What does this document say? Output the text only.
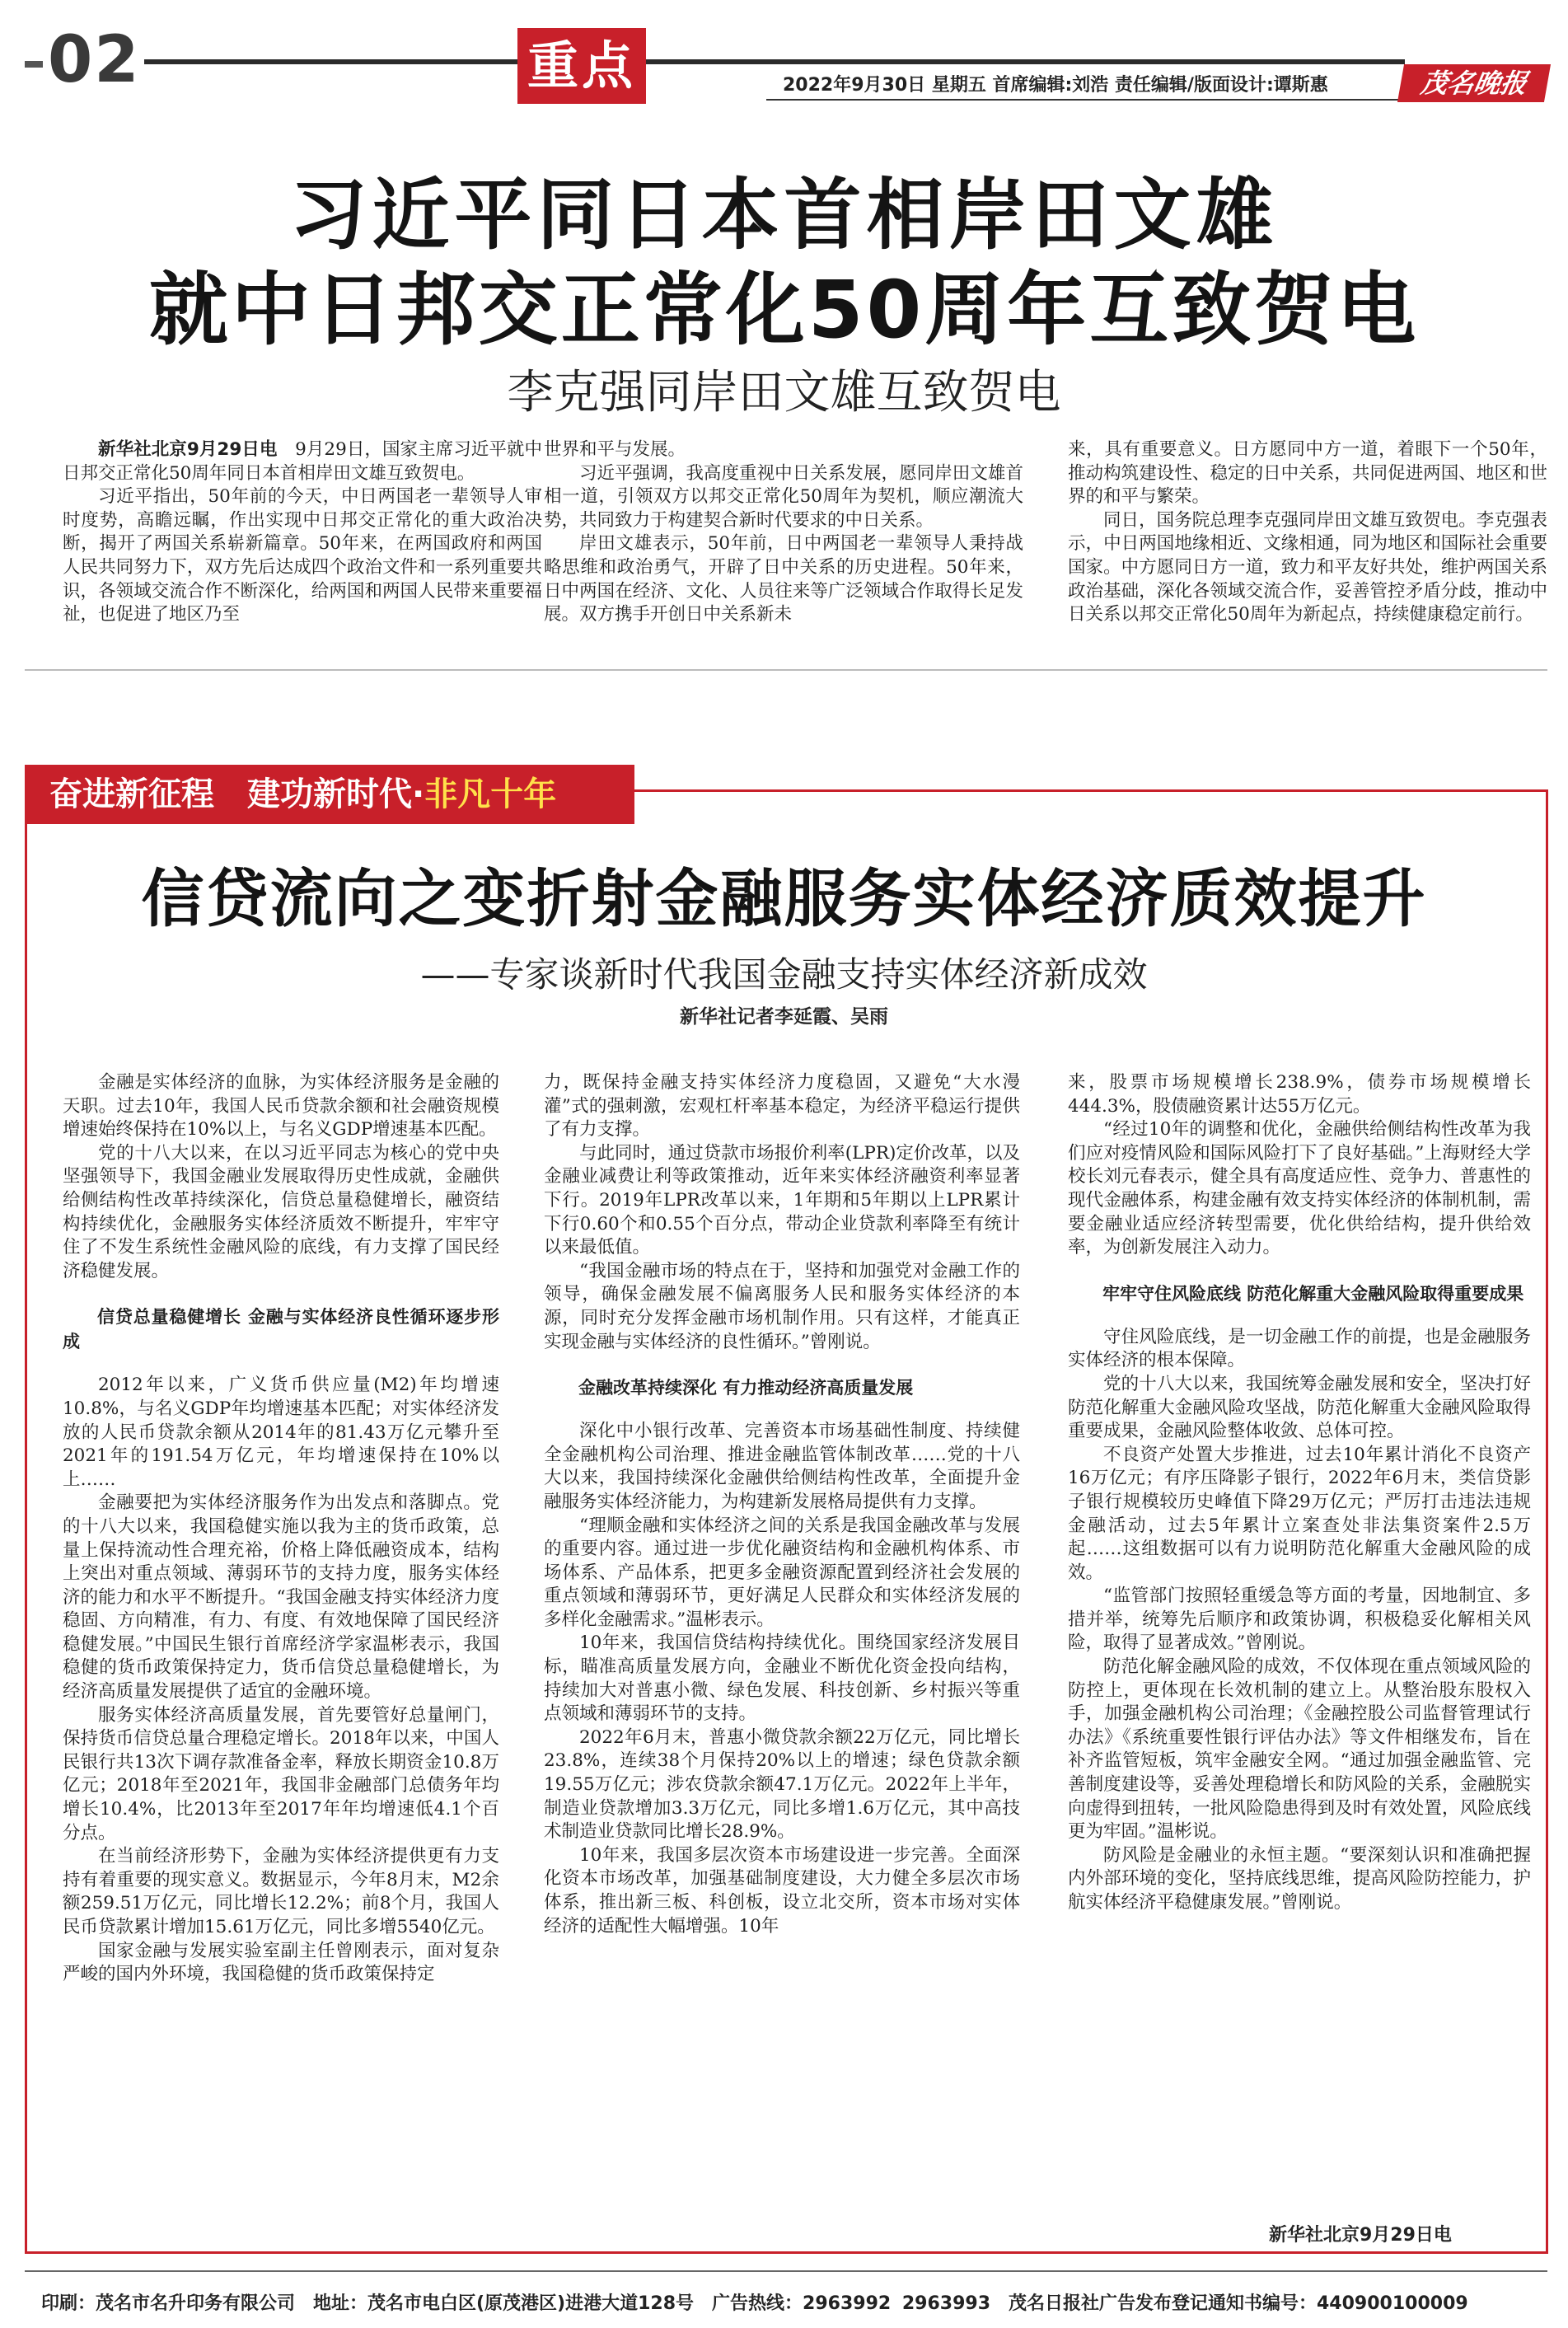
02	重点	2022年9月30日 星期五 首席编辑:刘浩 责任编辑/版面设计:谭斯惠	茂名晚报
习近平同日本首相岸田文雄
就中日邦交正常化50周年互致贺电
李克强同岸田文雄互致贺电

新华社北京9月29日电　 9月29日，国家主席习近平就中日邦交正常化50周年同日本首相岸田文雄互致贺电。

习近平指出，50年前的今天，中日两国老一辈领导人审时度势，高瞻远瞩，作出实现中日邦交正常化的重大政治决断，揭开了两国关系崭新篇章。50年来，在两国政府和两国人民共同努力下，双方先后达成四个政治文件和一系列重要共识，各领域交流合作不断深化，给两国和两国人民带来重要福祉，也促进了地区乃至

世界和平与发展。

习近平强调，我高度重视中日关系发展，愿同岸田文雄首相一道，引领双方以邦交正常化50周年为契机，顺应潮流大势，共同致力于构建契合新时代要求的中日关系。

岸田文雄表示，50年前，日中两国老一辈领导人秉持战略思维和政治勇气，开辟了日中关系的历史进程。50年来，日中两国在经济、文化、人员往来等广泛领域合作取得长足发展。双方携手开创日中关系新未

来，具有重要意义。日方愿同中方一道，着眼下一个50年，推动构筑建设性、稳定的日中关系，共同促进两国、地区和世界的和平与繁荣。

同日，国务院总理李克强同岸田文雄互致贺电。李克强表示，中日两国地缘相近、文缘相通，同为地区和国际社会重要国家。中方愿同日方一道，致力和平友好共处，维护两国关系政治基础，深化各领域交流合作，妥善管控矛盾分歧，推动中日关系以邦交正常化50周年为新起点，持续健康稳定前行。

奋进新征程　建功新时代·非凡十年
信贷流向之变折射金融服务实体经济质效提升
——专家谈新时代我国金融支持实体经济新成效
新华社记者李延霞、吴雨

金融是实体经济的血脉，为实体经济服务是金融的天职。过去10年，我国人民币贷款余额和社会融资规模增速始终保持在10%以上，与名义GDP增速基本匹配。

党的十八大以来，在以习近平同志为核心的党中央坚强领导下，我国金融业发展取得历史性成就，金融供给侧结构性改革持续深化，信贷总量稳健增长，融资结构持续优化，金融服务实体经济质效不断提升，牢牢守住了不发生系统性金融风险的底线，有力支撑了国民经济稳健发展。

信贷总量稳健增长 金融与实体经济良性循环逐步形成

2012年以来，广义货币供应量(M2)年均增速10.8%，与名义GDP年均增速基本匹配；对实体经济发放的人民币贷款余额从2014年的81.43万亿元攀升至2021年的191.54万亿元，年均增速保持在10%以上……

金融要把为实体经济服务作为出发点和落脚点。党的十八大以来，我国稳健实施以我为主的货币政策，总量上保持流动性合理充裕，价格上降低融资成本，结构上突出对重点领域、薄弱环节的支持力度，服务实体经济的能力和水平不断提升。“我国金融支持实体经济力度稳固、方向精准，有力、有度、有效地保障了国民经济稳健发展。”中国民生银行首席经济学家温彬表示，我国稳健的货币政策保持定力，货币信贷总量稳健增长，为经济高质量发展提供了适宜的金融环境。

服务实体经济高质量发展，首先要管好总量闸门，保持货币信贷总量合理稳定增长。2018年以来，中国人民银行共13次下调存款准备金率，释放长期资金10.8万亿元；2018年至2021年，我国非金融部门总债务年均增长10.4%，比2013年至2017年年均增速低4.1个百分点。

在当前经济形势下，金融为实体经济提供更有力支持有着重要的现实意义。数据显示，今年8月末，M2余额259.51万亿元，同比增长12.2%；前8个月，我国人民币贷款累计增加15.61万亿元，同比多增5540亿元。

国家金融与发展实验室副主任曾刚表示，面对复杂严峻的国内外环境，我国稳健的货币政策保持定

力，既保持金融支持实体经济力度稳固，又避免“大水漫灌”式的强刺激，宏观杠杆率基本稳定，为经济平稳运行提供了有力支撑。

与此同时，通过贷款市场报价利率(LPR)定价改革，以及金融业减费让利等政策推动，近年来实体经济融资利率显著下行。2019年LPR改革以来，1年期和5年期以上LPR累计下行0.60个和0.55个百分点，带动企业贷款利率降至有统计以来最低值。

“我国金融市场的特点在于，坚持和加强党对金融工作的领导，确保金融发展不偏离服务人民和服务实体经济的本源，同时充分发挥金融市场机制作用。只有这样，才能真正实现金融与实体经济的良性循环。”曾刚说。

金融改革持续深化 有力推动经济高质量发展

深化中小银行改革、完善资本市场基础性制度、持续健全金融机构公司治理、推进金融监管体制改革……党的十八大以来，我国持续深化金融供给侧结构性改革，全面提升金融服务实体经济能力，为构建新发展格局提供有力支撑。

“理顺金融和实体经济之间的关系是我国金融改革与发展的重要内容。通过进一步优化融资结构和金融机构体系、市场体系、产品体系，把更多金融资源配置到经济社会发展的重点领域和薄弱环节，更好满足人民群众和实体经济发展的多样化金融需求。”温彬表示。

10年来，我国信贷结构持续优化。围绕国家经济发展目标，瞄准高质量发展方向，金融业不断优化资金投向结构，持续加大对普惠小微、绿色发展、科技创新、乡村振兴等重点领域和薄弱环节的支持。

2022年6月末，普惠小微贷款余额22万亿元，同比增长23.8%，连续38个月保持20%以上的增速；绿色贷款余额19.55万亿元；涉农贷款余额47.1万亿元。2022年上半年，制造业贷款增加3.3万亿元，同比多增1.6万亿元，其中高技术制造业贷款同比增长28.9%。

10年来，我国多层次资本市场建设进一步完善。全面深化资本市场改革，加强基础制度建设，大力健全多层次市场体系，推出新三板、科创板，设立北交所，资本市场对实体经济的适配性大幅增强。10年

来，股票市场规模增长238.9%，债券市场规模增长444.3%，股债融资累计达55万亿元。

“经过10年的调整和优化，金融供给侧结构性改革为我们应对疫情风险和国际风险打下了良好基础。”上海财经大学校长刘元春表示，健全具有高度适应性、竞争力、普惠性的现代金融体系，构建金融有效支持实体经济的体制机制，需要金融业适应经济转型需要，优化供给结构，提升供给效率，为创新发展注入动力。

牢牢守住风险底线 防范化解重大金融风险取得重要成果

守住风险底线，是一切金融工作的前提，也是金融服务实体经济的根本保障。

党的十八大以来，我国统筹金融发展和安全，坚决打好防范化解重大金融风险攻坚战，防范化解重大金融风险取得重要成果，金融风险整体收敛、总体可控。

不良资产处置大步推进，过去10年累计消化不良资产16万亿元；有序压降影子银行，2022年6月末，类信贷影子银行规模较历史峰值下降29万亿元；严厉打击违法违规金融活动，过去5年累计立案查处非法集资案件2.5万起……这组数据可以有力说明防范化解重大金融风险的成效。

“监管部门按照轻重缓急等方面的考量，因地制宜、多措并举，统筹先后顺序和政策协调，积极稳妥化解相关风险，取得了显著成效。”曾刚说。

防范化解金融风险的成效，不仅体现在重点领域风险的防控上，更体现在长效机制的建立上。从整治股东股权入手，加强金融机构公司治理；《金融控股公司监督管理试行办法》《系统重要性银行评估办法》等文件相继发布，旨在补齐监管短板，筑牢金融安全网。“通过加强金融监管、完善制度建设等，妥善处理稳增长和防风险的关系，金融脱实向虚得到扭转，一批风险隐患得到及时有效处置，风险底线更为牢固。”温彬说。

防风险是金融业的永恒主题。“要深刻认识和准确把握内外部环境的变化，坚持底线思维，提高风险防控能力，护航实体经济平稳健康发展。”曾刚说。

新华社北京9月29日电
印刷：茂名市名升印务有限公司　地址：茂名市电白区(原茂港区)进港大道128号　广告热线：2963992 2963993　茂名日报社广告发布登记通知书编号：440900100009
